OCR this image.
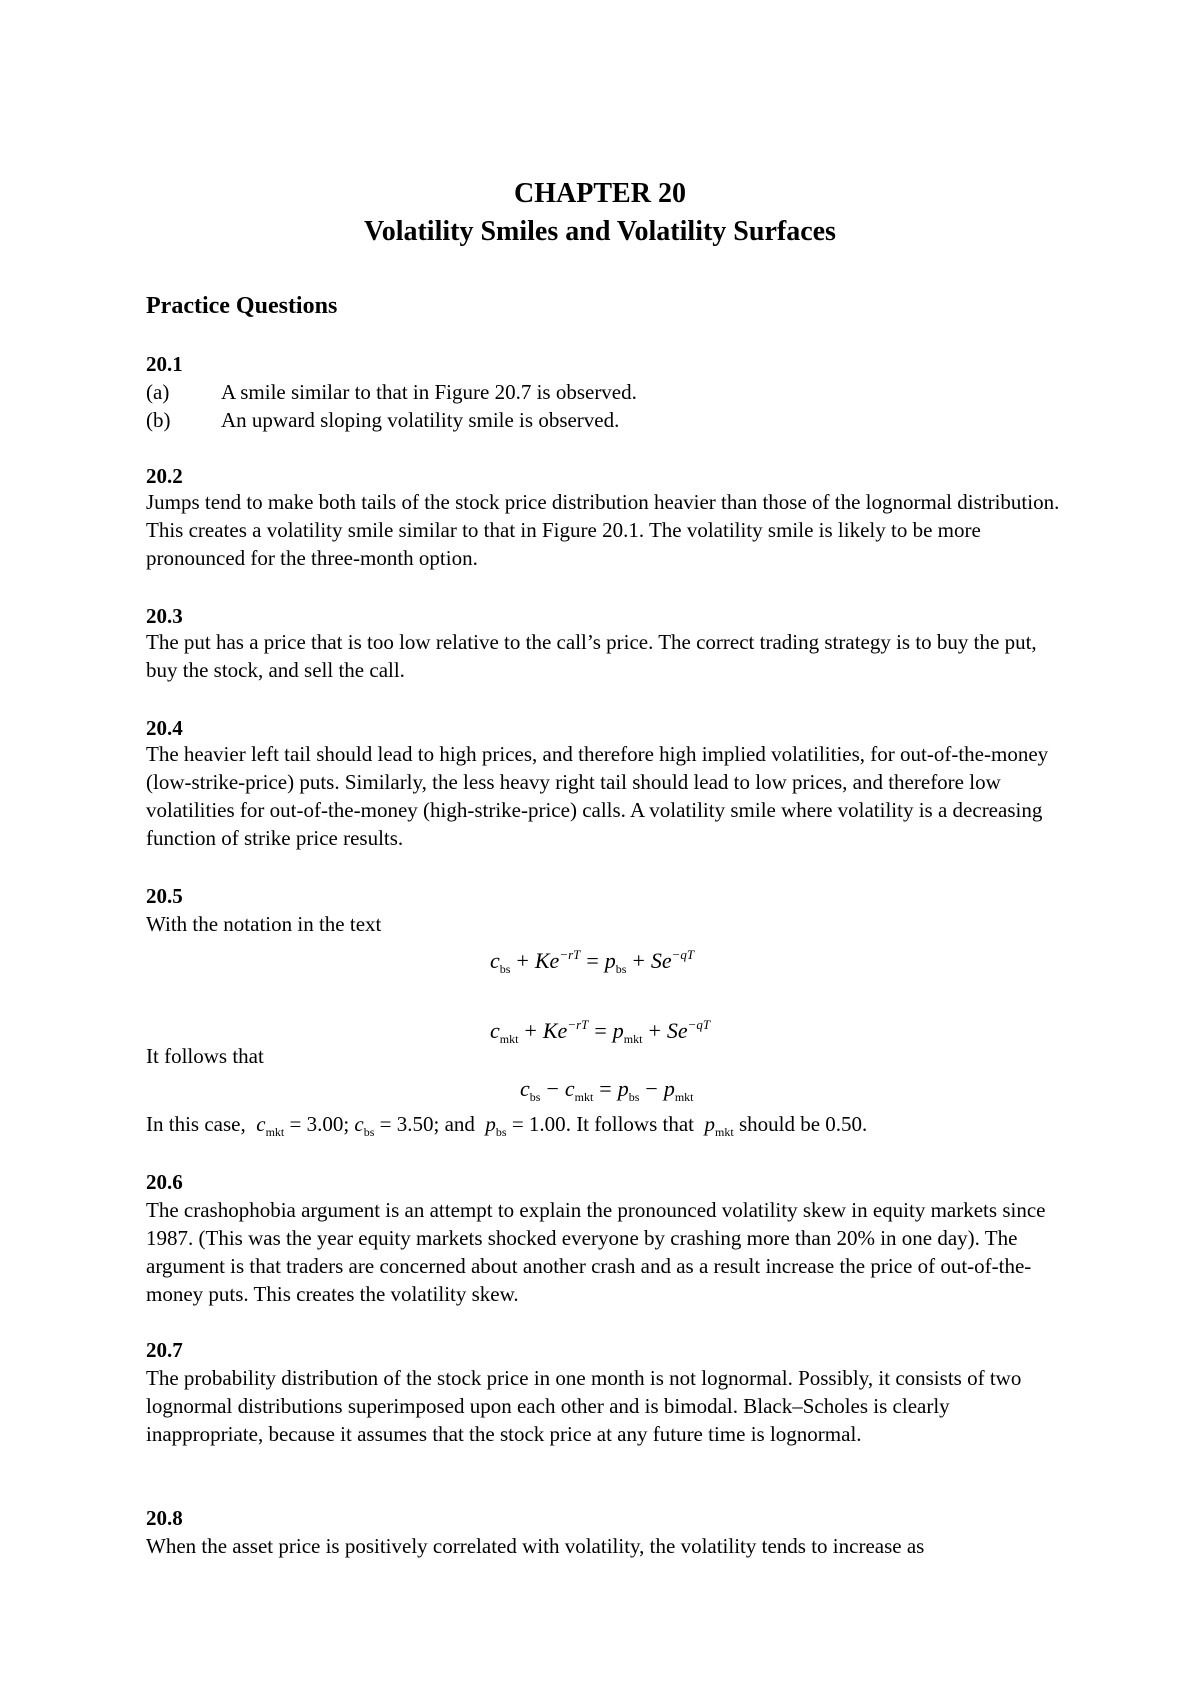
CHAPTER 20
Volatility Smiles and Volatility Surfaces
Practice Questions
20.1
(a) A smile similar to that in Figure 20.7 is observed.
(b) An upward sloping volatility smile is observed.
20.2
Jumps tend to make both tails of the stock price distribution heavier than those of the lognormal distribution. This creates a volatility smile similar to that in Figure 20.1. The volatility smile is likely to be more pronounced for the three-month option.
20.3
The put has a price that is too low relative to the call’s price. The correct trading strategy is to buy the put, buy the stock, and sell the call.
20.4
The heavier left tail should lead to high prices, and therefore high implied volatilities, for out-of-the-money (low-strike-price) puts. Similarly, the less heavy right tail should lead to low prices, and therefore low volatilities for out-of-the-money (high-strike-price) calls. A volatility smile where volatility is a decreasing function of strike price results.
20.5
With the notation in the text
$c_{bs} + Ke^{-rT} = p_{bs} + Se^{-qT}$
$c_{mkt} + Ke^{-rT} = p_{mkt} + Se^{-qT}$
It follows that
$c_{bs} - c_{mkt} = p_{bs} - p_{mkt}$
In this case,  $c_{mkt} = 3.00$; $c_{bs} = 3.50$; and  $p_{bs} = 1.00$. It follows that  $p_{mkt}$ should be 0.50.
20.6
The crashophobia argument is an attempt to explain the pronounced volatility skew in equity markets since 1987. (This was the year equity markets shocked everyone by crashing more than 20% in one day). The argument is that traders are concerned about another crash and as a result increase the price of out-of-the-money puts. This creates the volatility skew.
20.7
The probability distribution of the stock price in one month is not lognormal. Possibly, it consists of two lognormal distributions superimposed upon each other and is bimodal. Black–Scholes is clearly inappropriate, because it assumes that the stock price at any future time is lognormal.
20.8
When the asset price is positively correlated with volatility, the volatility tends to increase as
